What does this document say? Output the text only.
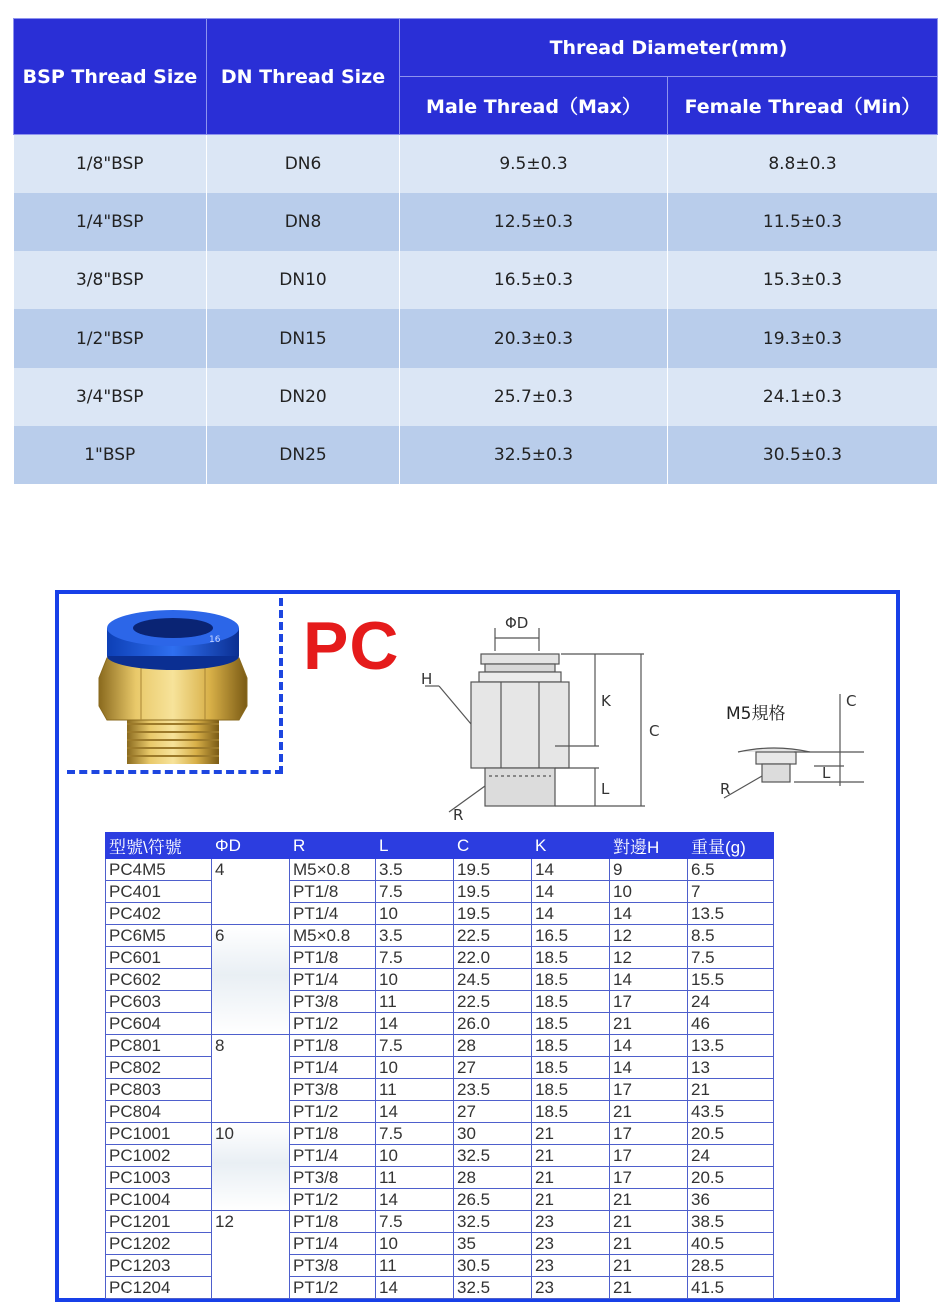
BSP Thread Size	DN Thread Size	Thread Diameter(mm)	
		Male Thread（Max）	Female Thread（Min）
1/8"BSP	DN6	9.5±0.3	8.8±0.3
1/4"BSP	DN8	12.5±0.3	11.5±0.3
3/8"BSP	DN10	16.5±0.3	15.3±0.3
1/2"BSP	DN15	20.3±0.3	19.3±0.3
3/4"BSP	DN20	25.7±0.3	24.1±0.3
1"BSP	DN25	32.5±0.3	30.5±0.3
16 PC	ΦD
H
K
C
L
R
M5規格
C
L
R
型號\符號	ΦD	R	L	C	K	對邊H	重量(g)
PC4M5	4	M5×0.8	3.5	19.5	14	9	6.5
PC401		PT1/8	7.5	19.5	14	10	7
PC402		PT1/4	10	19.5	14	14	13.5
PC6M5	6	M5×0.8	3.5	22.5	16.5	12	8.5
PC601		PT1/8	7.5	22.0	18.5	12	7.5
PC602		PT1/4	10	24.5	18.5	14	15.5
PC603		PT3/8	11	22.5	18.5	17	24
PC604		PT1/2	14	26.0	18.5	21	46
PC801	8	PT1/8	7.5	28	18.5	14	13.5
PC802		PT1/4	10	27	18.5	14	13
PC803		PT3/8	11	23.5	18.5	17	21
PC804		PT1/2	14	27	18.5	21	43.5
PC1001	10	PT1/8	7.5	30	21	17	20.5
PC1002		PT1/4	10	32.5	21	17	24
PC1003		PT3/8	11	28	21	17	20.5
PC1004		PT1/2	14	26.5	21	21	36
PC1201	12	PT1/8	7.5	32.5	23	21	38.5
PC1202		PT1/4	10	35	23	21	40.5
PC1203		PT3/8	11	30.5	23	21	28.5
PC1204		PT1/2	14	32.5	23	21	41.5
